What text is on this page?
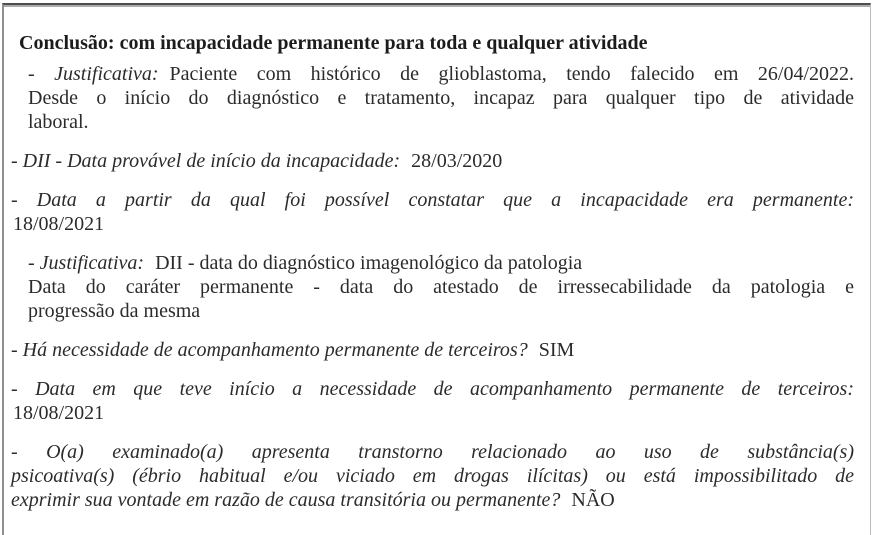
Conclusão: com incapacidade permanente para toda e qualquer atividade
- Justificativa: Paciente com histórico de glioblastoma, tendo falecido em 26/04/2022.
Desde o início do diagnóstico e tratamento, incapaz para qualquer tipo de atividade
laboral.
- DII - Data provável de início da incapacidade: 28/03/2020
- Data a partir da qual foi possível constatar que a incapacidade era permanente:
18/08/2021
- Justificativa: DII - data do diagnóstico imagenológico da patologia
Data do caráter permanente - data do atestado de irressecabilidade da patologia e
progressão da mesma
- Há necessidade de acompanhamento permanente de terceiros? SIM
- Data em que teve início a necessidade de acompanhamento permanente de terceiros:
18/08/2021
- O(a) examinado(a) apresenta transtorno relacionado ao uso de substância(s)
psicoativa(s) (ébrio habitual e/ou viciado em drogas ilícitas) ou está impossibilitado de
exprimir sua vontade em razão de causa transitória ou permanente? NÃO
